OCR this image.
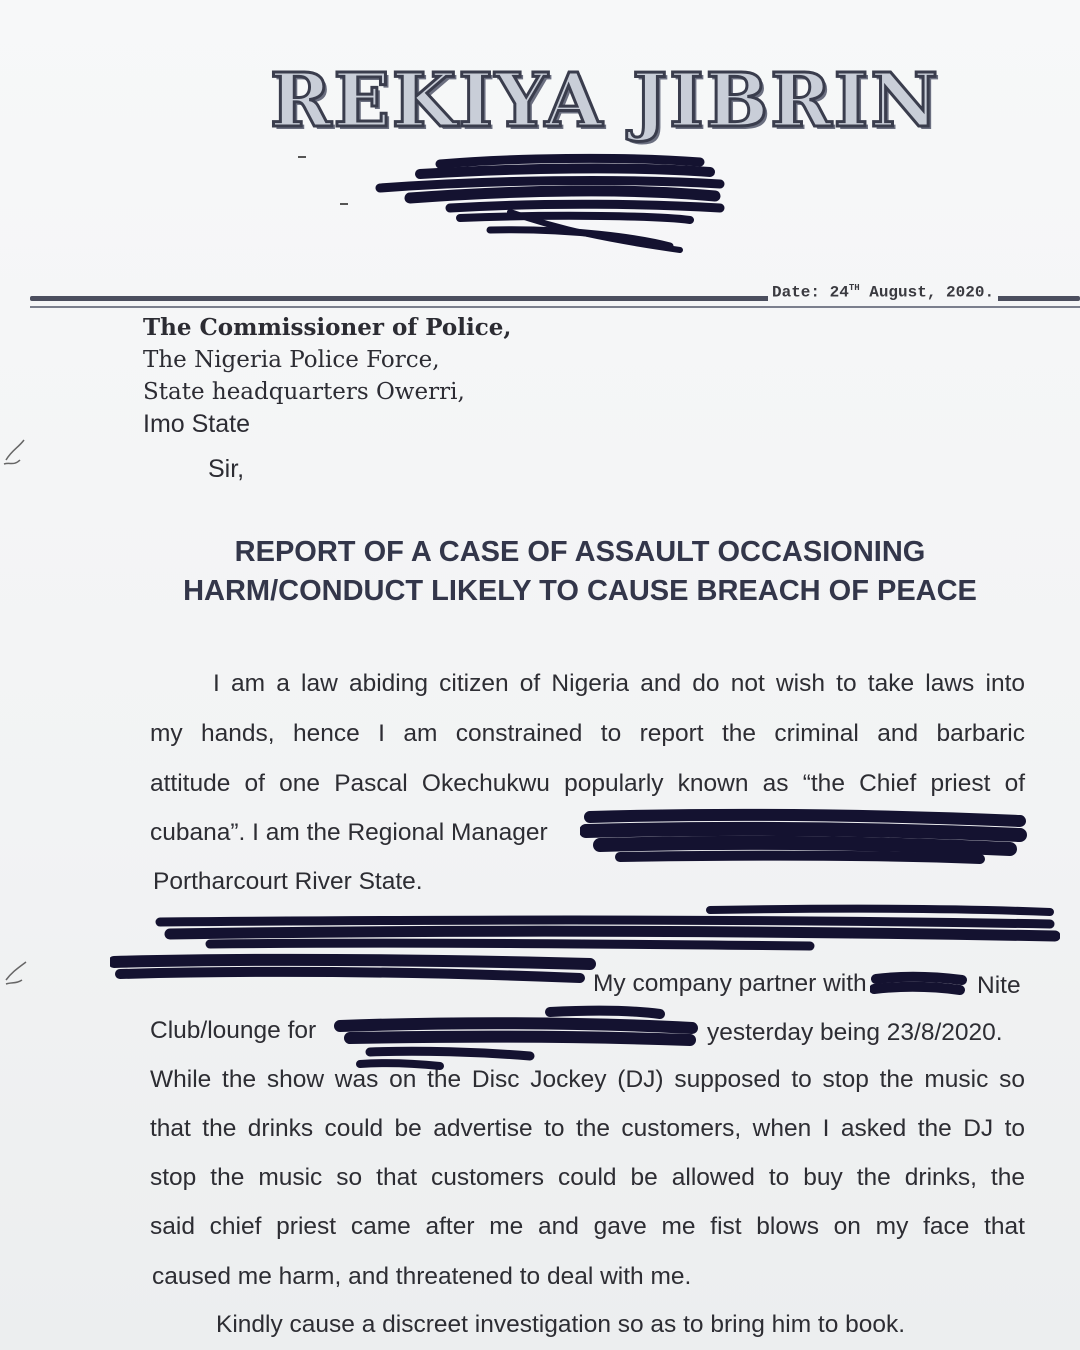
REKIYA JIBRIN
Date: 24TH August, 2020.
The Commissioner of Police,
The Nigeria Police Force,
State headquarters Owerri,
Imo State
Sir,
REPORT OF A CASE OF ASSAULT OCCASIONING
HARM/CONDUCT LIKELY TO CAUSE BREACH OF PEACE
I am a law abiding citizen of Nigeria and do not wish to take laws into
my hands, hence I am constrained to report the criminal and barbaric
attitude of one Pascal Okechukwu popularly known as “the Chief priest of
cubana”. I am the Regional Manager
Portharcourt River State.
My company partner with	Nite
Club/lounge for	yesterday being 23/8/2020.
While the show was on the Disc Jockey (DJ) supposed to stop the music so
that the drinks could be advertise to the customers, when I asked the DJ to
stop the music so that customers could be allowed to buy the drinks, the
said chief priest came after me and gave me fist blows on my face that
caused me harm, and threatened to deal with me.
Kindly cause a discreet investigation so as to bring him to book.
